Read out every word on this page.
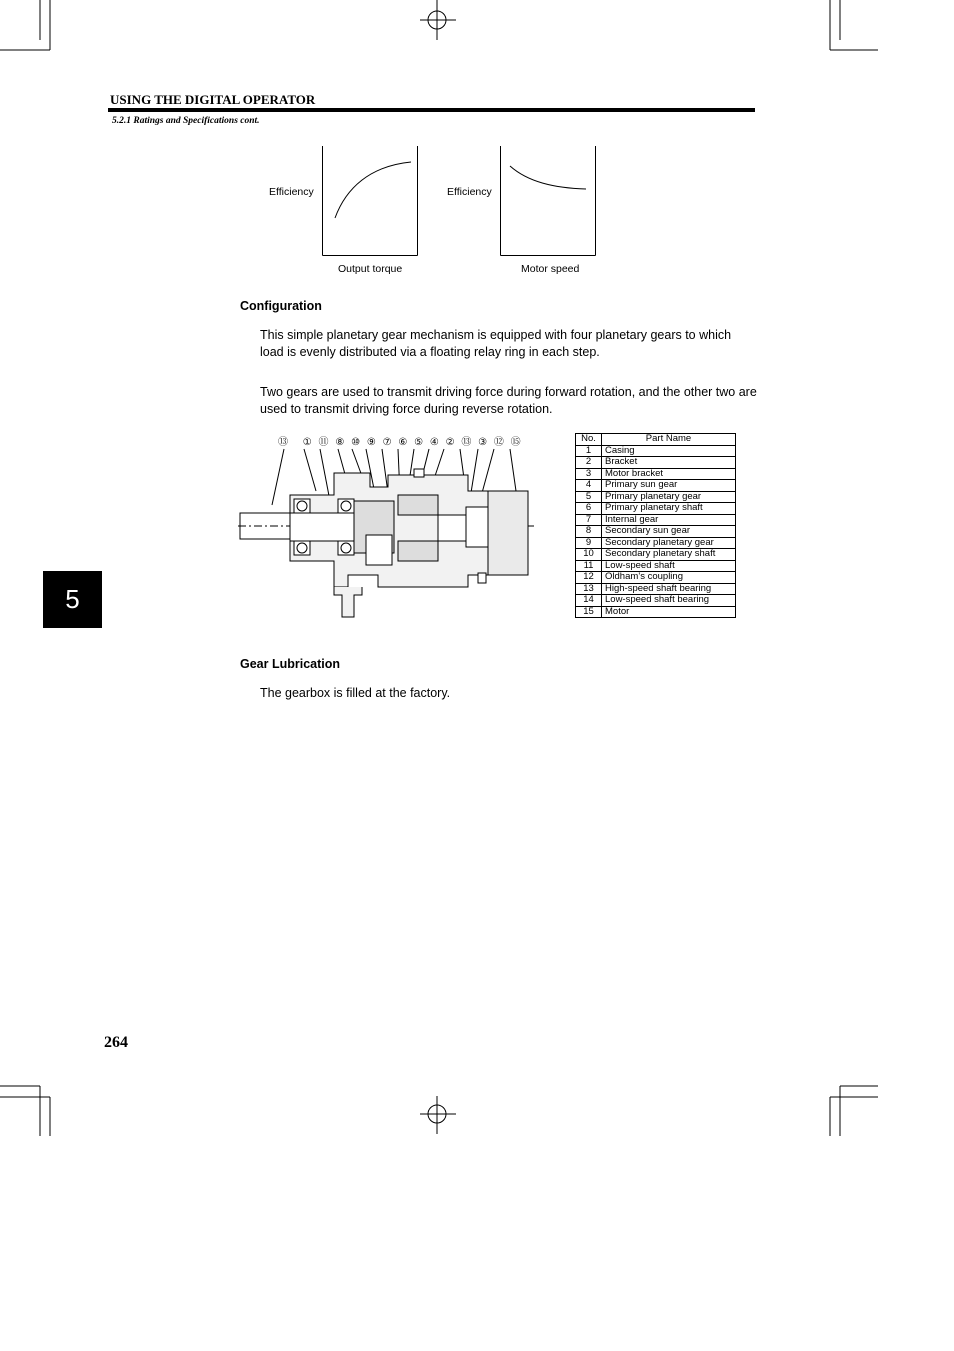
USING THE DIGITAL OPERATOR
5.2.1 Ratings and Specifications cont.
Efficiency
Output torque
Efficiency
Motor speed
Configuration

This simple planetary gear mechanism is equipped with four planetary gears to which load is evenly distributed via a floating relay ring in each step.

Two gears are used to transmit driving force during forward rotation, and the other two are used to transmit driving force during reverse rotation.

⑬ ① ⑪ ⑧ ⑩ ⑨ ⑦ ⑥ ⑤ ④ ② ⑬ ③ ⑫ ⑮	No.	Part Name
1	Casing
2	Bracket
3	Motor bracket
4	Primary sun gear
5	Primary planetary gear
6	Primary planetary shaft
7	Internal gear
8	Secondary sun gear
9	Secondary planetary gear
10	Secondary planetary shaft
11	Low-speed shaft
12	Oldham’s coupling
13	High-speed shaft bearing
14	Low-speed shaft bearing
15	Motor
5
Gear Lubrication

The gearbox is filled at the factory.

264
